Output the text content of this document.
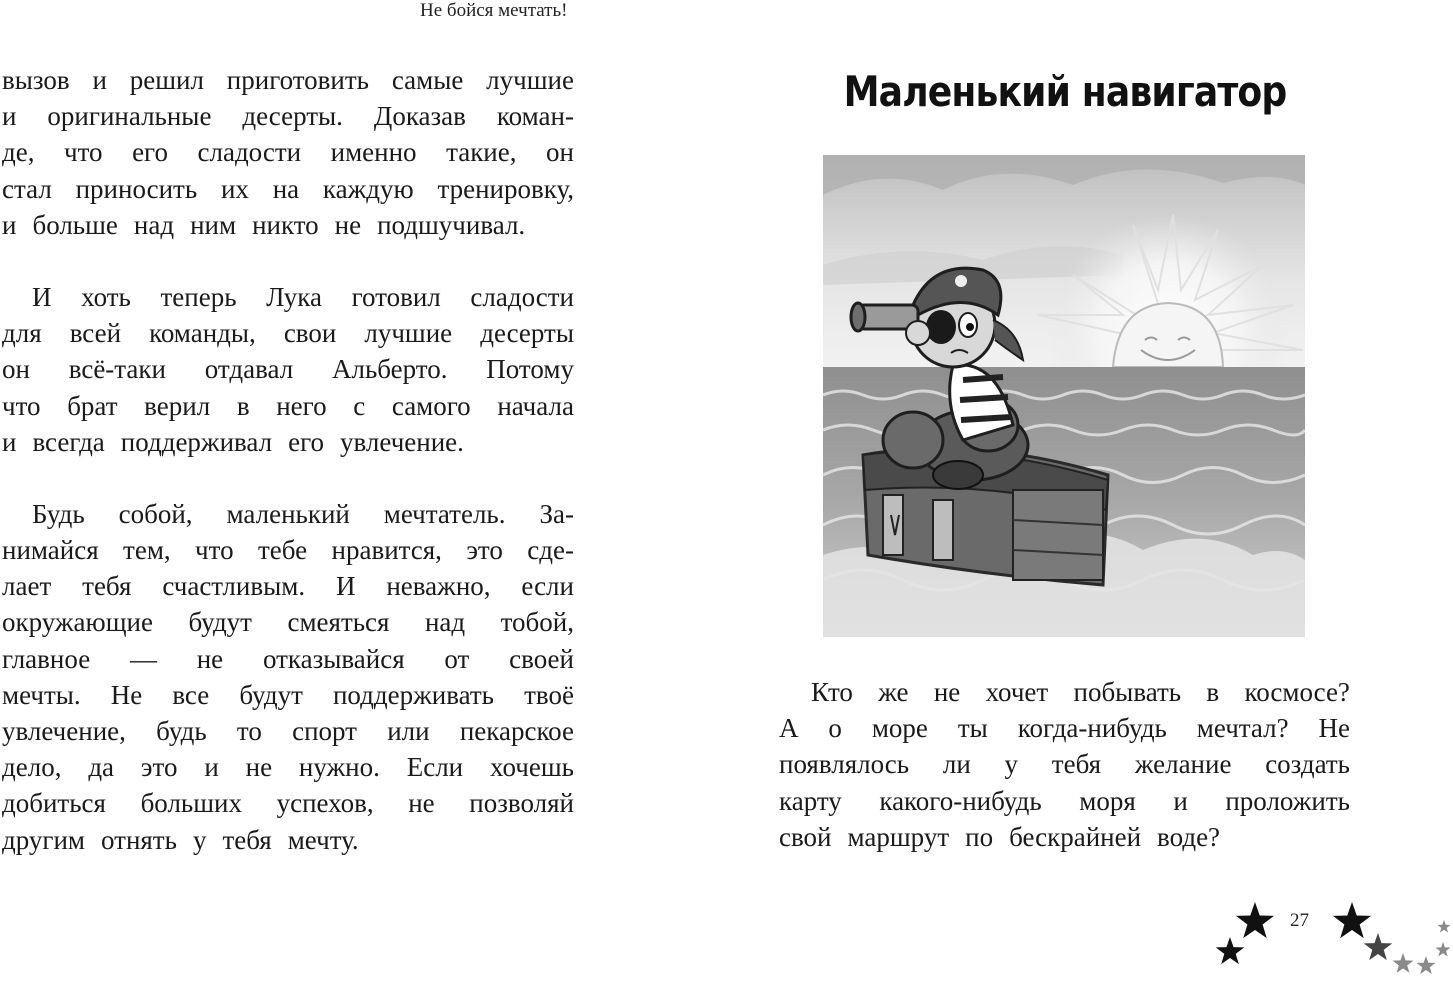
Не бойся мечтать!
вызов и решил приготовить самые лучшие
и оригинальные десерты. Доказав коман-
де, что его сладости именно такие, он
стал приносить их на каждую тренировку,
и больше над ним никто не подшучивал.
И хоть теперь Лука готовил сладости
для всей команды, свои лучшие десерты
он всё-таки отдавал Альберто. Потому
что брат верил в него с самого начала
и всегда поддерживал его увлечение.
Будь собой, маленький мечтатель. За-
нимайся тем, что тебе нравится, это сде-
лает тебя счастливым. И неважно, если
окружающие будут смеяться над тобой,
главное — не отказывайся от своей
мечты. Не все будут поддерживать твоё
увлечение, будь то спорт или пекарское
дело, да это и не нужно. Если хочешь
добиться больших успехов, не позволяй
другим отнять у тебя мечту.
Маленький навигатор
Кто же не хочет побывать в космосе?
А о море ты когда-нибудь мечтал? Не
появлялось ли у тебя желание создать
карту какого-нибудь моря и проложить
свой маршрут по бескрайней воде?
27
